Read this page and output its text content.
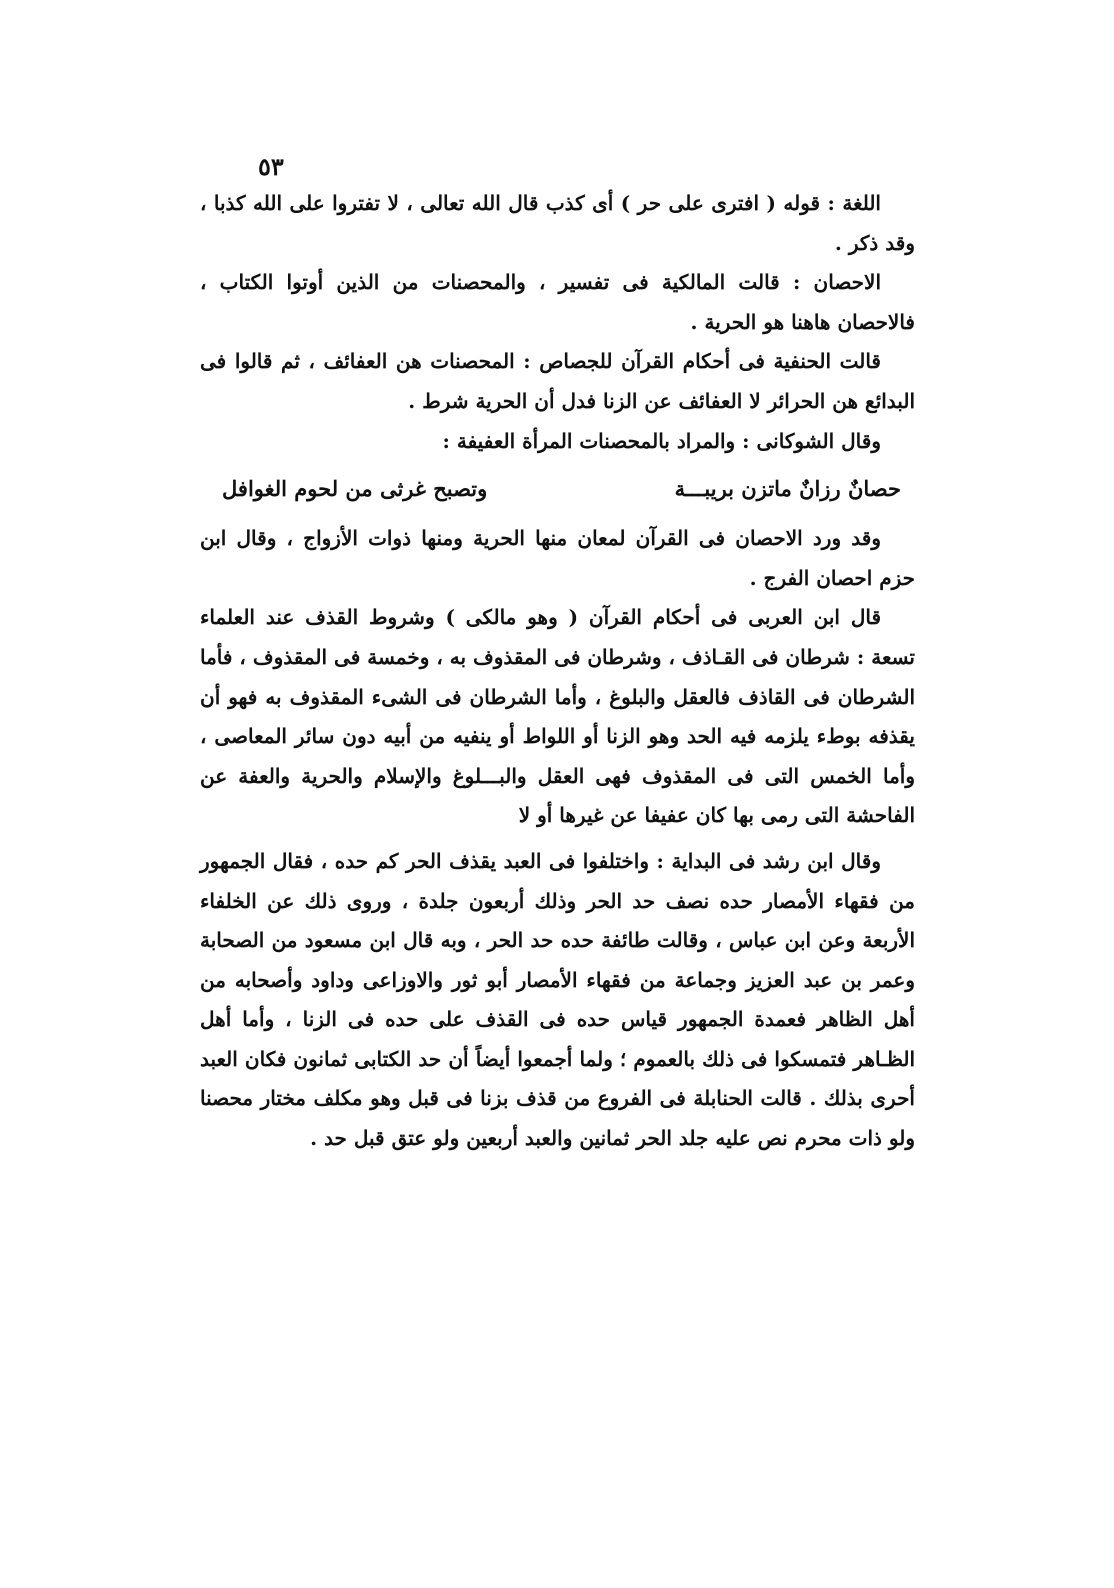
٥٣

اللغة : قوله ( افترى على حر ) أى كذب قال الله تعالى ، لا تفتروا على الله كذبا ، وقد ذكر .

الاحصان : قالت المالكية فى تفسير ، والمحصنات من الذين أوتوا الكتاب ، فالاحصان هاهنا هو الحرية .

قالت الحنفية فى أحكام القرآن للجصاص : المحصنات هن العفائف ، ثم قالوا فى البدائع هن الحرائر لا العفائف عن الزنا فدل أن الحرية شرط .

وقال الشوكانى : والمراد بالمحصنات المرأة العفيفة :

حصانٌ رزانٌ ماتزن بريبـــة
وتصبح غرثى من لحوم الغوافل

وقد ورد الاحصان فى القرآن لمعان منها الحرية ومنها ذوات الأزواج ، وقال ابن حزم احصان الفرج .

قال ابن العربى فى أحكام القرآن ( وهو مالكى ) وشروط القذف عند العلماء تسعة : شرطان فى القـاذف ، وشرطان فى المقذوف به ، وخمسة فى المقذوف ، فأما الشرطان فى القاذف فالعقل والبلوغ ، وأما الشرطان فى الشىء المقذوف به فهو أن يقذفه بوطء يلزمه فيه الحد وهو الزنا أو اللواط أو ينفيه من أبيه دون سائر المعاصى ، وأما الخمس التى فى المقذوف فهى العقل والبـــلوغ والإسلام والحرية والعفة عن الفاحشة التى رمى بها كان عفيفا عن غيرها أو لا

وقال ابن رشد فى البداية : واختلفوا فى العبد يقذف الحر كم حده ، فقال الجمهور من فقهاء الأمصار حده نصف حد الحر وذلك أربعون جلدة ، وروى ذلك عن الخلفاء الأربعة وعن ابن عباس ، وقالت طائفة حده حد الحر ، وبه قال ابن مسعود من الصحابة وعمر بن عبد العزيز وجماعة من فقهاء الأمصار أبو ثور والاوزاعى وداود وأصحابه من أهل الظاهر فعمدة الجمهور قياس حده فى القذف على حده فى الزنا ، وأما أهل الظـاهر فتمسكوا فى ذلك بالعموم ؛ ولما أجمعوا أيضاً أن حد الكتابى ثمانون فكان العبد أحرى بذلك . قالت الحنابلة فى الفروع من قذف بزنا فى قبل وهو مكلف مختار محصنا ولو ذات محرم نص عليه جلد الحر ثمانين والعبد أربعين ولو عتق قبل حد .
